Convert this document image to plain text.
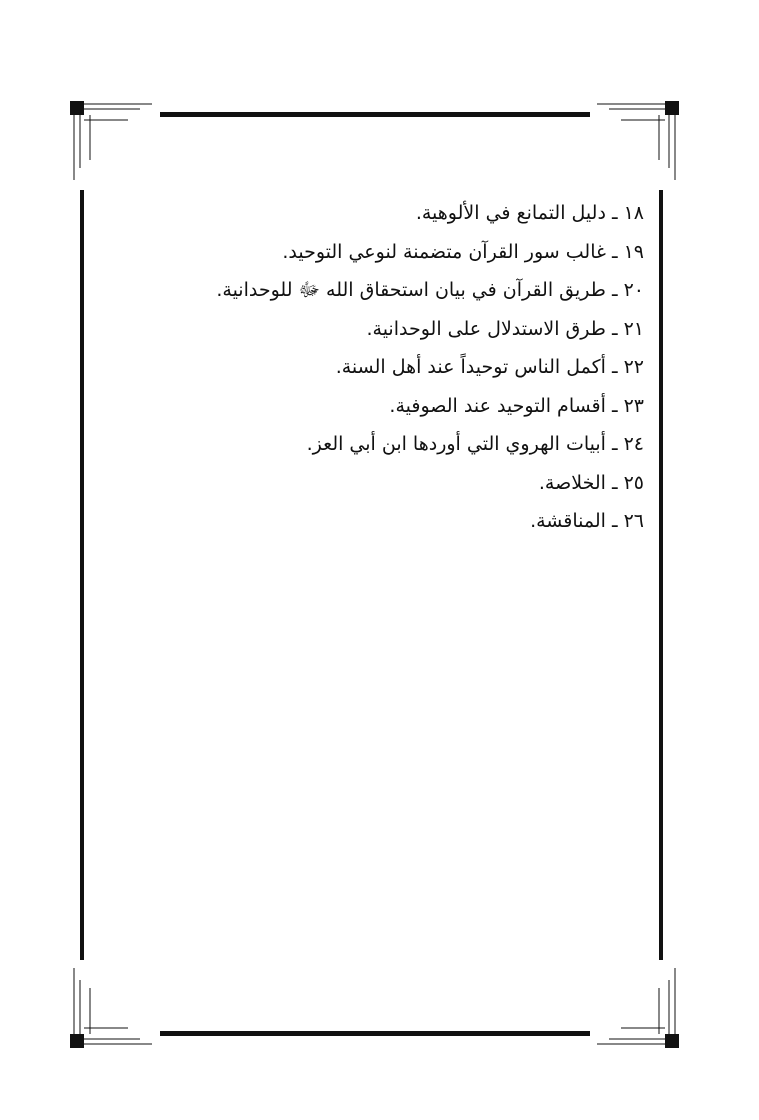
١٨ ـ دليل التمانع في الألوهية.
١٩ ـ غالب سور القرآن متضمنة لنوعي التوحيد.
٢٠ ـ طريق القرآن في بيان استحقاق الله ﷻ للوحدانية.
٢١ ـ طرق الاستدلال على الوحدانية.
٢٢ ـ أكمل الناس توحيداً عند أهل السنة.
٢٣ ـ أقسام التوحيد عند الصوفية.
٢٤ ـ أبيات الهروي التي أوردها ابن أبي العز.
٢٥ ـ الخلاصة.
٢٦ ـ المناقشة.
